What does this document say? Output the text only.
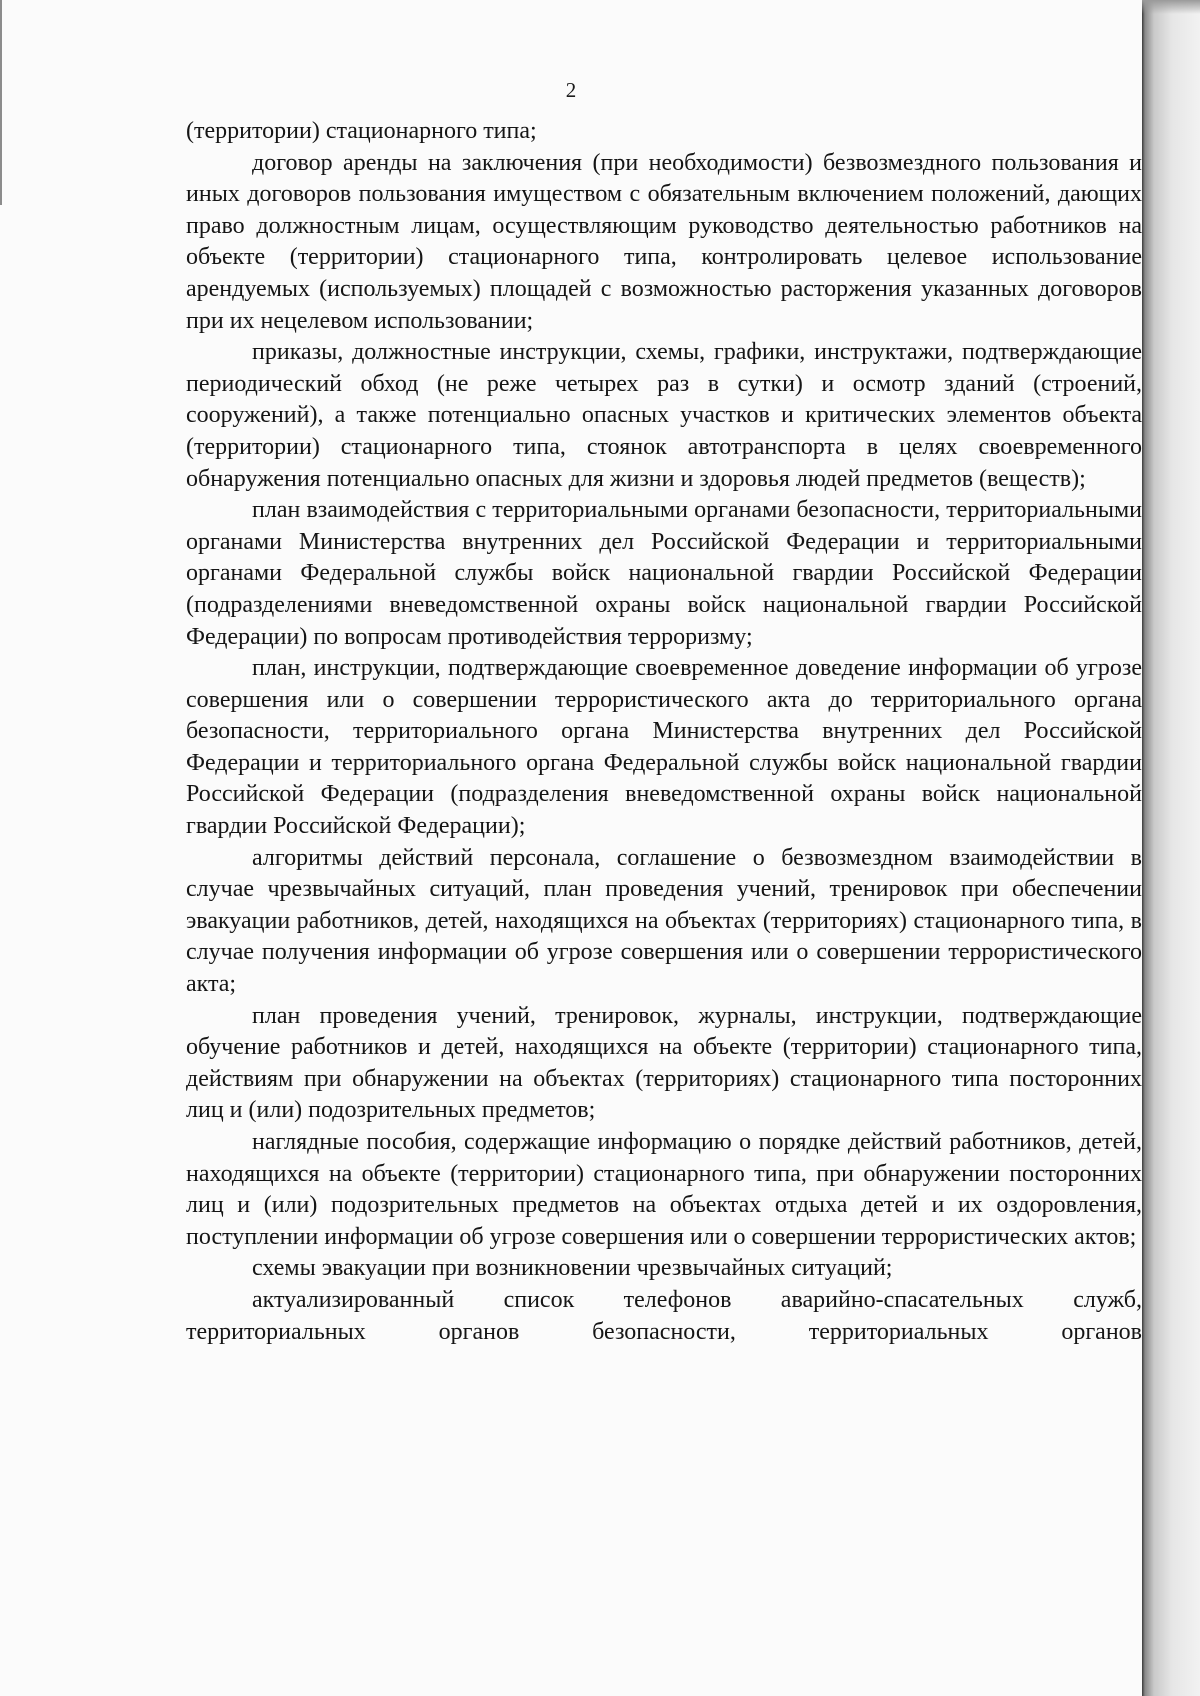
2

(территории) стационарного типа;

договор аренды на заключения (при необходимости) безвозмездного пользования и иных договоров пользования имуществом с обязательным включением положений, дающих право должностным лицам, осуществляющим руководство деятельностью работников на объекте (территории) стационарного типа, контролировать целевое использование арендуемых (используемых) площадей с возможностью расторжения указанных договоров при их нецелевом использовании;

приказы, должностные инструкции, схемы, графики, инструктажи, подтверждающие периодический обход (не реже четырех раз в сутки) и осмотр зданий (строений, сооружений), а также потенциально опасных участков и критических элементов объекта (территории) стационарного типа, стоянок автотранспорта в целях своевременного обнаружения потенциально опасных для жизни и здоровья людей предметов (веществ);

план взаимодействия с территориальными органами безопасности, территориальными органами Министерства внутренних дел Российской Федерации и территориальными органами Федеральной службы войск национальной гвардии Российской Федерации (подразделениями вневедомственной охраны войск национальной гвардии Российской Федерации) по вопросам противодействия терроризму;

план, инструкции, подтверждающие своевременное доведение информации об угрозе совершения или о совершении террористического акта до территориального органа безопасности, территориального органа Министерства внутренних дел Российской Федерации и территориального органа Федеральной службы войск национальной гвардии Российской Федерации (подразделения вневедомственной охраны войск национальной гвардии Российской Федерации);

алгоритмы действий персонала, соглашение о безвозмездном взаимодействии в случае чрезвычайных ситуаций, план проведения учений, тренировок при обеспечении эвакуации работников, детей, находящихся на объектах (территориях) стационарного типа, в случае получения информации об угрозе совершения или о совершении террористического акта;

план проведения учений, тренировок, журналы, инструкции, подтверждающие обучение работников и детей, находящихся на объекте (территории) стационарного типа, действиям при обнаружении на объектах (территориях) стационарного типа посторонних лиц и (или) подозрительных предметов;

наглядные пособия, содержащие информацию о порядке действий работников, детей, находящихся на объекте (территории) стационарного типа, при обнаружении посторонних лиц и (или) подозрительных предметов на объектах отдыха детей и их оздоровления, поступлении информации об угрозе совершения или о совершении террористических актов;

схемы эвакуации при возникновении чрезвычайных ситуаций;

актуализированный список телефонов аварийно-спасательных служб, территориальных органов безопасности, территориальных органов
